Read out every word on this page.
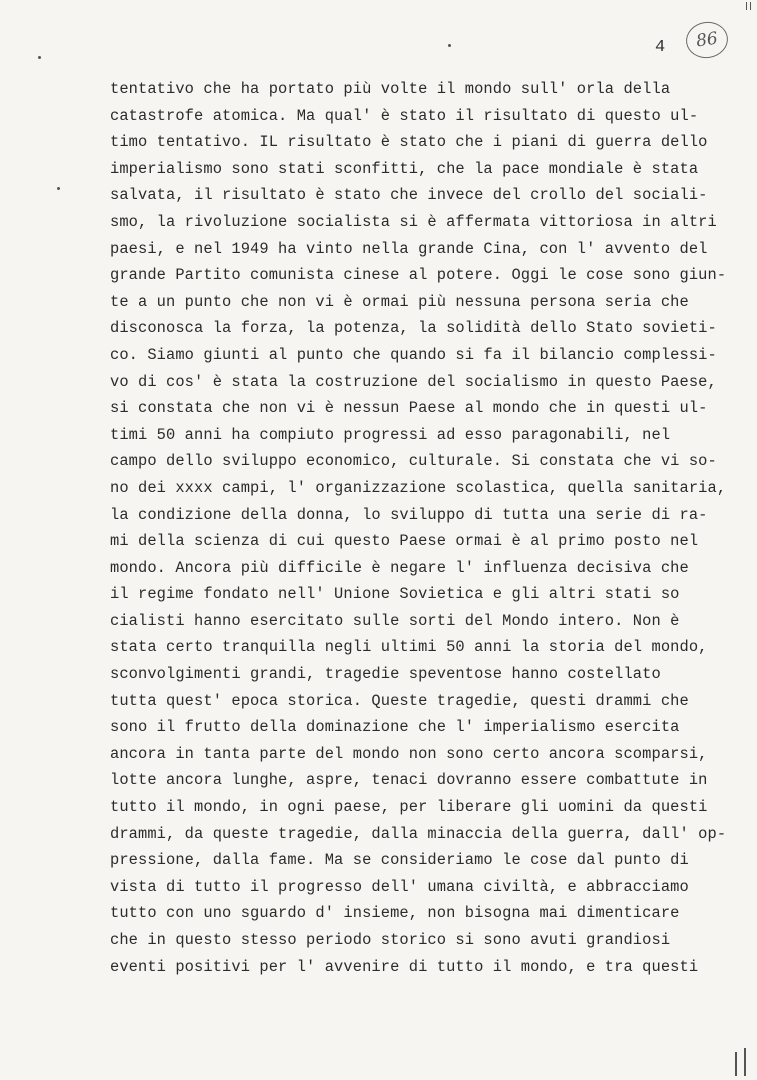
4	86
tentativo che ha portato più volte il mondo sull' orla della
catastrofe atomica. Ma qual' è stato il risultato di questo ul-
timo tentativo. IL risultato è stato che i piani di guerra dello
imperialismo sono stati sconfitti, che la pace mondiale è stata
salvata, il risultato è stato che invece del crollo del sociali-
smo, la rivoluzione socialista si è affermata vittoriosa in altri
paesi, e nel 1949 ha vinto nella grande Cina, con l' avvento del
grande Partito comunista cinese al potere. Oggi le cose sono giun-
te a un punto che non vi è ormai più nessuna persona seria che
disconosca la forza, la potenza, la solidità dello Stato sovieti-
co. Siamo giunti al punto che quando si fa il bilancio complessi-
vo di cos' è stata la costruzione del socialismo in questo Paese,
si constata che non vi è nessun Paese al mondo che in questi ul-
timi 50 anni ha compiuto progressi ad esso paragonabili, nel
campo dello sviluppo economico, culturale. Si constata che vi so-
no dei xxxx campi, l' organizzazione scolastica, quella sanitaria,
la condizione della donna, lo sviluppo di tutta una serie di ra-
mi della scienza di cui questo Paese ormai è al primo posto nel
mondo. Ancora più difficile è negare l' influenza decisiva che
il regime fondato nell' Unione Sovietica e gli altri stati so
cialisti hanno esercitato sulle sorti del Mondo intero. Non è
stata certo tranquilla negli ultimi 50 anni la storia del mondo,
sconvolgimenti grandi, tragedie speventose hanno costellato
tutta quest' epoca storica. Queste tragedie, questi drammi che
sono il frutto della dominazione che l' imperialismo esercita
ancora in tanta parte del mondo non sono certo ancora scomparsi,
lotte ancora lunghe, aspre, tenaci dovranno essere combattute in
tutto il mondo, in ogni paese, per liberare gli uomini da questi
drammi, da queste tragedie, dalla minaccia della guerra, dall' op-
pressione, dalla fame. Ma se consideriamo le cose dal punto di
vista di tutto il progresso dell' umana civiltà, e abbracciamo
tutto con uno sguardo d' insieme, non bisogna mai dimenticare
che in questo stesso periodo storico si sono avuti grandiosi
eventi positivi per l' avvenire di tutto il mondo, e tra questi
